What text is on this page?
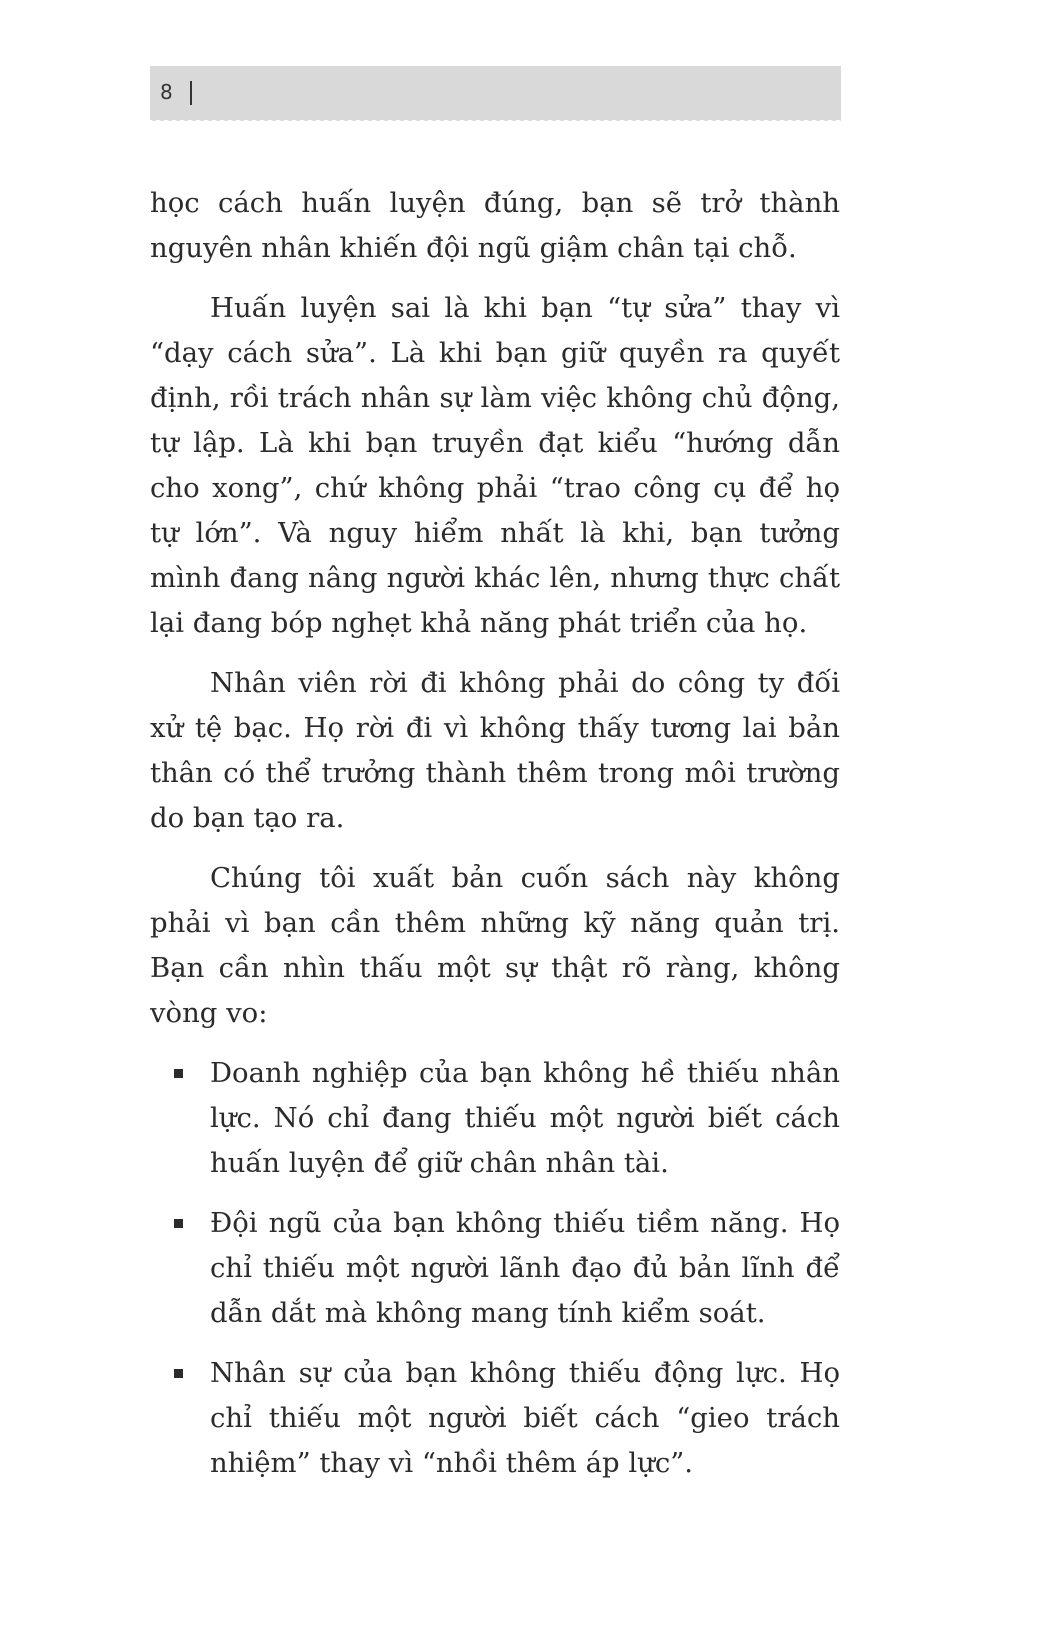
8

học cách huấn luyện đúng, bạn sẽ trở thành nguyên nhân khiến đội ngũ giậm chân tại chỗ.

Huấn luyện sai là khi bạn “tự sửa” thay vì “dạy cách sửa”. Là khi bạn giữ quyền ra quyết định, rồi trách nhân sự làm việc không chủ động, tự lập. Là khi bạn truyền đạt kiểu “hướng dẫn cho xong”, chứ không phải “trao công cụ để họ tự lớn”. Và nguy hiểm nhất là khi, bạn tưởng mình đang nâng người khác lên, nhưng thực chất lại đang bóp nghẹt khả năng phát triển của họ.

Nhân viên rời đi không phải do công ty đối xử tệ bạc. Họ rời đi vì không thấy tương lai bản thân có thể trưởng thành thêm trong môi trường do bạn tạo ra.

Chúng tôi xuất bản cuốn sách này không phải vì bạn cần thêm những kỹ năng quản trị. Bạn cần nhìn thấu một sự thật rõ ràng, không vòng vo:

Doanh nghiệp của bạn không hề thiếu nhân lực. Nó chỉ đang thiếu một người biết cách huấn luyện để giữ chân nhân tài.
Đội ngũ của bạn không thiếu tiềm năng. Họ chỉ thiếu một người lãnh đạo đủ bản lĩnh để dẫn dắt mà không mang tính kiểm soát.
Nhân sự của bạn không thiếu động lực. Họ chỉ thiếu một người biết cách “gieo trách nhiệm” thay vì “nhồi thêm áp lực”.
